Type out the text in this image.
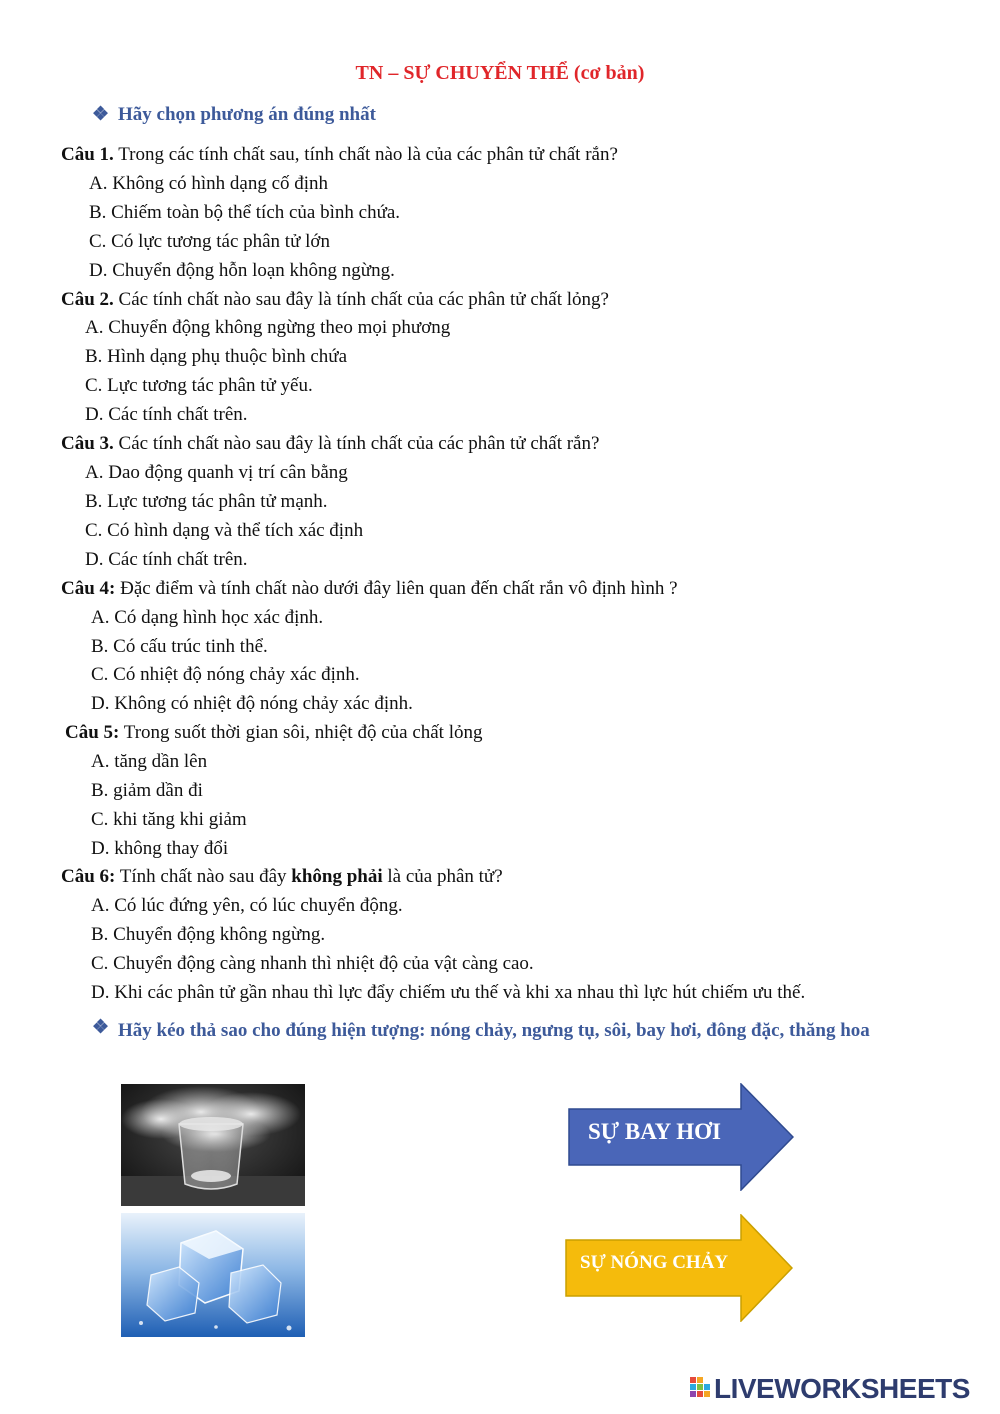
TN – SỰ CHUYỂN THỂ (cơ bản)
❖ Hãy chọn phương án đúng nhất
Câu 1. Trong các tính chất sau, tính chất nào là của các phân tử chất rắn?
A. Không có hình dạng cố định
B. Chiếm toàn bộ thể tích của bình chứa.
C. Có lực tương tác phân tử lớn
D. Chuyển động hỗn loạn không ngừng.
Câu 2. Các tính chất nào sau đây là tính chất của các phân tử chất lỏng?
A. Chuyển động không ngừng theo mọi phương
B. Hình dạng phụ thuộc bình chứa
C. Lực tương tác phân tử yếu.
D. Các tính chất trên.
Câu 3. Các tính chất nào sau đây là tính chất của các phân tử chất rắn?
A. Dao động quanh vị trí cân bằng
B. Lực tương tác phân tử mạnh.
C. Có hình dạng và thể tích xác định
D. Các tính chất trên.
Câu 4: Đặc điểm và tính chất nào dưới đây liên quan đến chất rắn vô định hình ?
A. Có dạng hình học xác định.
B. Có cấu trúc tinh thể.
C. Có nhiệt độ nóng chảy xác định.
D. Không có nhiệt độ nóng chảy xác định.
Câu 5: Trong suốt thời gian sôi, nhiệt độ của chất lỏng
A. tăng dần lên
B. giảm dần đi
C. khi tăng khi giảm
D. không thay đổi
Câu 6: Tính chất nào sau đây không phải là của phân tử?
A. Có lúc đứng yên, có lúc chuyển động.
B. Chuyển động không ngừng.
C. Chuyển động càng nhanh thì nhiệt độ của vật càng cao.
D. Khi các phân tử gần nhau thì lực đẩy chiếm ưu thế và khi xa nhau thì lực hút chiếm ưu thế.
❖ Hãy kéo thả sao cho đúng hiện tượng: nóng chảy, ngưng tụ, sôi, bay hơi, đông đặc, thăng hoa
SỰ BAY HƠI
SỰ NÓNG CHẢY
LIVEWORKSHEETS
